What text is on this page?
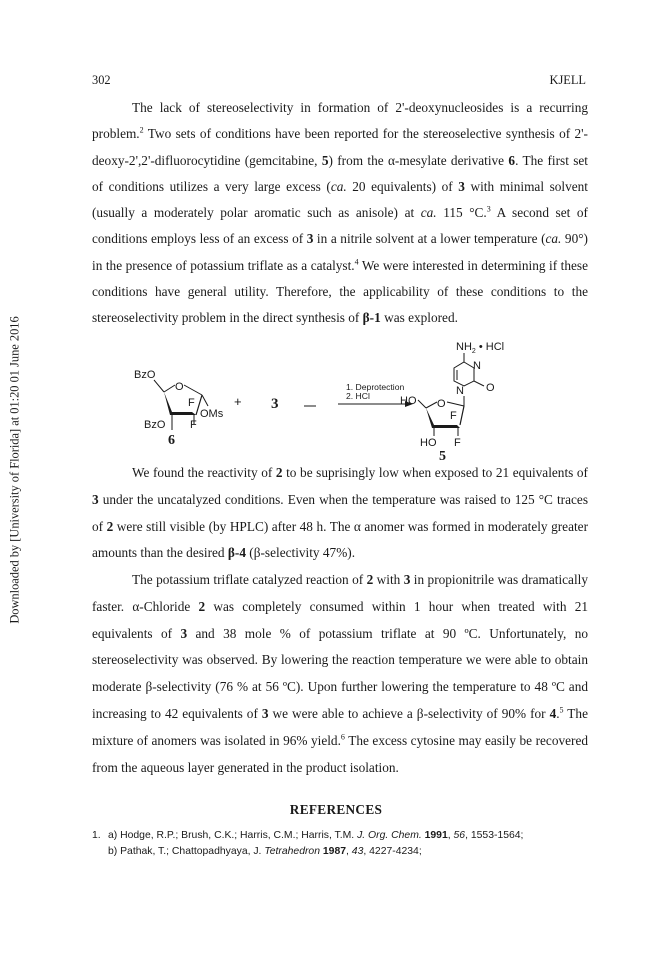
Downloaded by [University of Florida] at 01:20 01 June 2016
302	KJELL

The lack of stereoselectivity in formation of 2'-deoxynucleosides is a recurring problem.$^2$ Two sets of conditions have been reported for the stereoselective synthesis of 2'-deoxy-2',2'-difluorocytidine (gemcitabine, 5) from the α-mesylate derivative 6. The first set of conditions utilizes a very large excess (ca. 20 equivalents) of 3 with minimal solvent (usually a moderately polar aromatic such as anisole) at ca. 115 °C.$^3$ A second set of conditions employs less of an excess of 3 in a nitrile solvent at a lower temperature (ca. 90°) in the presence of potassium triflate as a catalyst.$^4$ We were interested in determining if these conditions have general utility. Therefore, the applicability of these conditions to the stereoselectivity problem in the direct synthesis of β-1 was explored.

BzO
O
F
OMs
BzO F
6
+ 3
1. Deprotection
2. HCl
$NH_2$ • HCl
N
N O
HO O
F
HO F
5

We found the reactivity of 2 to be suprisingly low when exposed to 21 equivalents of 3 under the uncatalyzed conditions. Even when the temperature was raised to 125 °C traces of 2 were still visible (by HPLC) after 48 h. The α anomer was formed in moderately greater amounts than the desired β-4 (β-selectivity 47%).

The potassium triflate catalyzed reaction of 2 with 3 in propionitrile was dramatically faster. α-Chloride 2 was completely consumed within 1 hour when treated with 21 equivalents of 3 and 38 mole % of potassium triflate at 90 ºC. Unfortunately, no stereoselectivity was observed. By lowering the reaction temperature we were able to obtain moderate β-selectivity (76 % at 56 ºC). Upon further lowering the temperature to 48 ºC and increasing to 42 equivalents of 3 we were able to achieve a β-selectivity of 90% for 4.$^5$ The mixture of anomers was isolated in 96% yield.$^6$ The excess cytosine may easily be recovered from the aqueous layer generated in the product isolation.

REFERENCES
1. a) Hodge, R.P.; Brush, C.K.; Harris, C.M.; Harris, T.M. J. Org. Chem. 1991, 56, 1553-1564;
b) Pathak, T.; Chattopadhyaya, J. Tetrahedron 1987, 43, 4227-4234;
